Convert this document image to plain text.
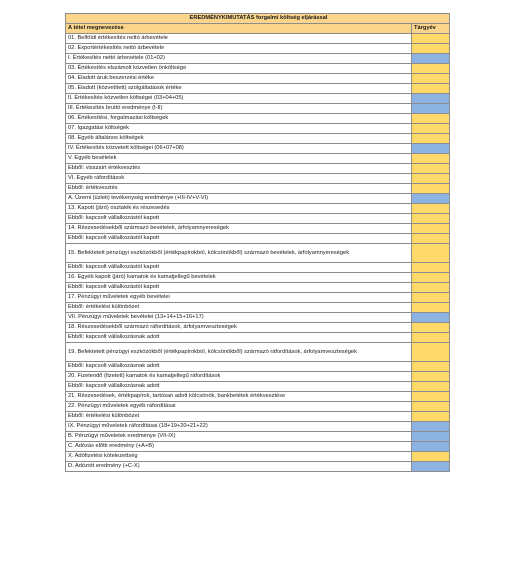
EREDMÉNYKIMUTATÁS forgalmi költség eljárással	
A tétel megnevezése	Tárgyév
01. Belföldi értékesítés nettó árbevétele	
02. Exportértékesítés nettó árbevétele	
I. Értékesítés nettó árbevétele (01+02)	
03. Értékesítés elszámolt közvetlen önköltsége	
04. Eladott áruk beszerzési értéke	
05. Eladott (közvetített) szolgáltatások értéke	
II. Értékesítés közvetlen költségei (03+04+05)	
III. Értékesítés bruttó eredménye (I-II)	
06. Értékesítési, forgalmazási költségek	
07. Igazgatási költségek	
08. Egyéb általános költségek	
IV. Értékesítés közvetett költségei (06+07+08)	
V. Egyéb bevételek	
Ebből: visszaírt értékvesztés	
VI. Egyéb ráfordítások	
Ebből: értékvesztés	
A. Üzemi (üzleti) tevékenység eredménye (+III-IV+V-VI)	
13. Kapott (járó) osztalék és részesedés	
Ebből: kapcsolt vállalkozástól kapott	
14. Részesedésekből származó bevételek, árfolyamnyereségek	
Ebből: kapcsolt vállalkozástól kapott	
15. Befektetett pénzügyi eszközökből (értékpapírokból, kölcsönökből) származó bevételek, árfolyamnyereségek	
Ebből: kapcsolt vállalkozástól kapott	
16. Egyéb kapott (járó) kamatok és kamatjellegű bevételek	
Ebből: kapcsolt vállalkozástól kapott	
17. Pénzügyi műveletek egyéb bevételei	
Ebből: értékelési különbözet	
VII. Pénzügyi műveletek bevételei (13+14+15+16+17)	
18. Részesedésekből származó ráfordítások, árfolyamveszteségek	
Ebből: kapcsolt vállalkozásnak adott	
19. Befektetett pénzügyi eszközökből (értékpapírokból, kölcsönökből) származó ráfordítások, árfolyamveszteségek	
Ebből: kapcsolt vállalkozásnak adott	
20. Fizetendő (fizetett) kamatok és kamatjellegű ráfordítások	
Ebből: kapcsolt vállalkozásnak adott	
21. Részesedések, értékpapírok, tartósan adott kölcsönök, bankbetétek értékvesztése	
22. Pénzügyi műveletek egyéb ráfordításai	
Ebből: értékelési különbözet	
IX. Pénzügyi műveletek ráfordításai (18+19+20+21+22)	
B. Pénzügyi műveletek eredménye (VII-IX)	
C. Adózás előtti eredmény (+A+B)	
X. Adófizetési kötelezettség	
D. Adózott eredmény (+C-X)	
